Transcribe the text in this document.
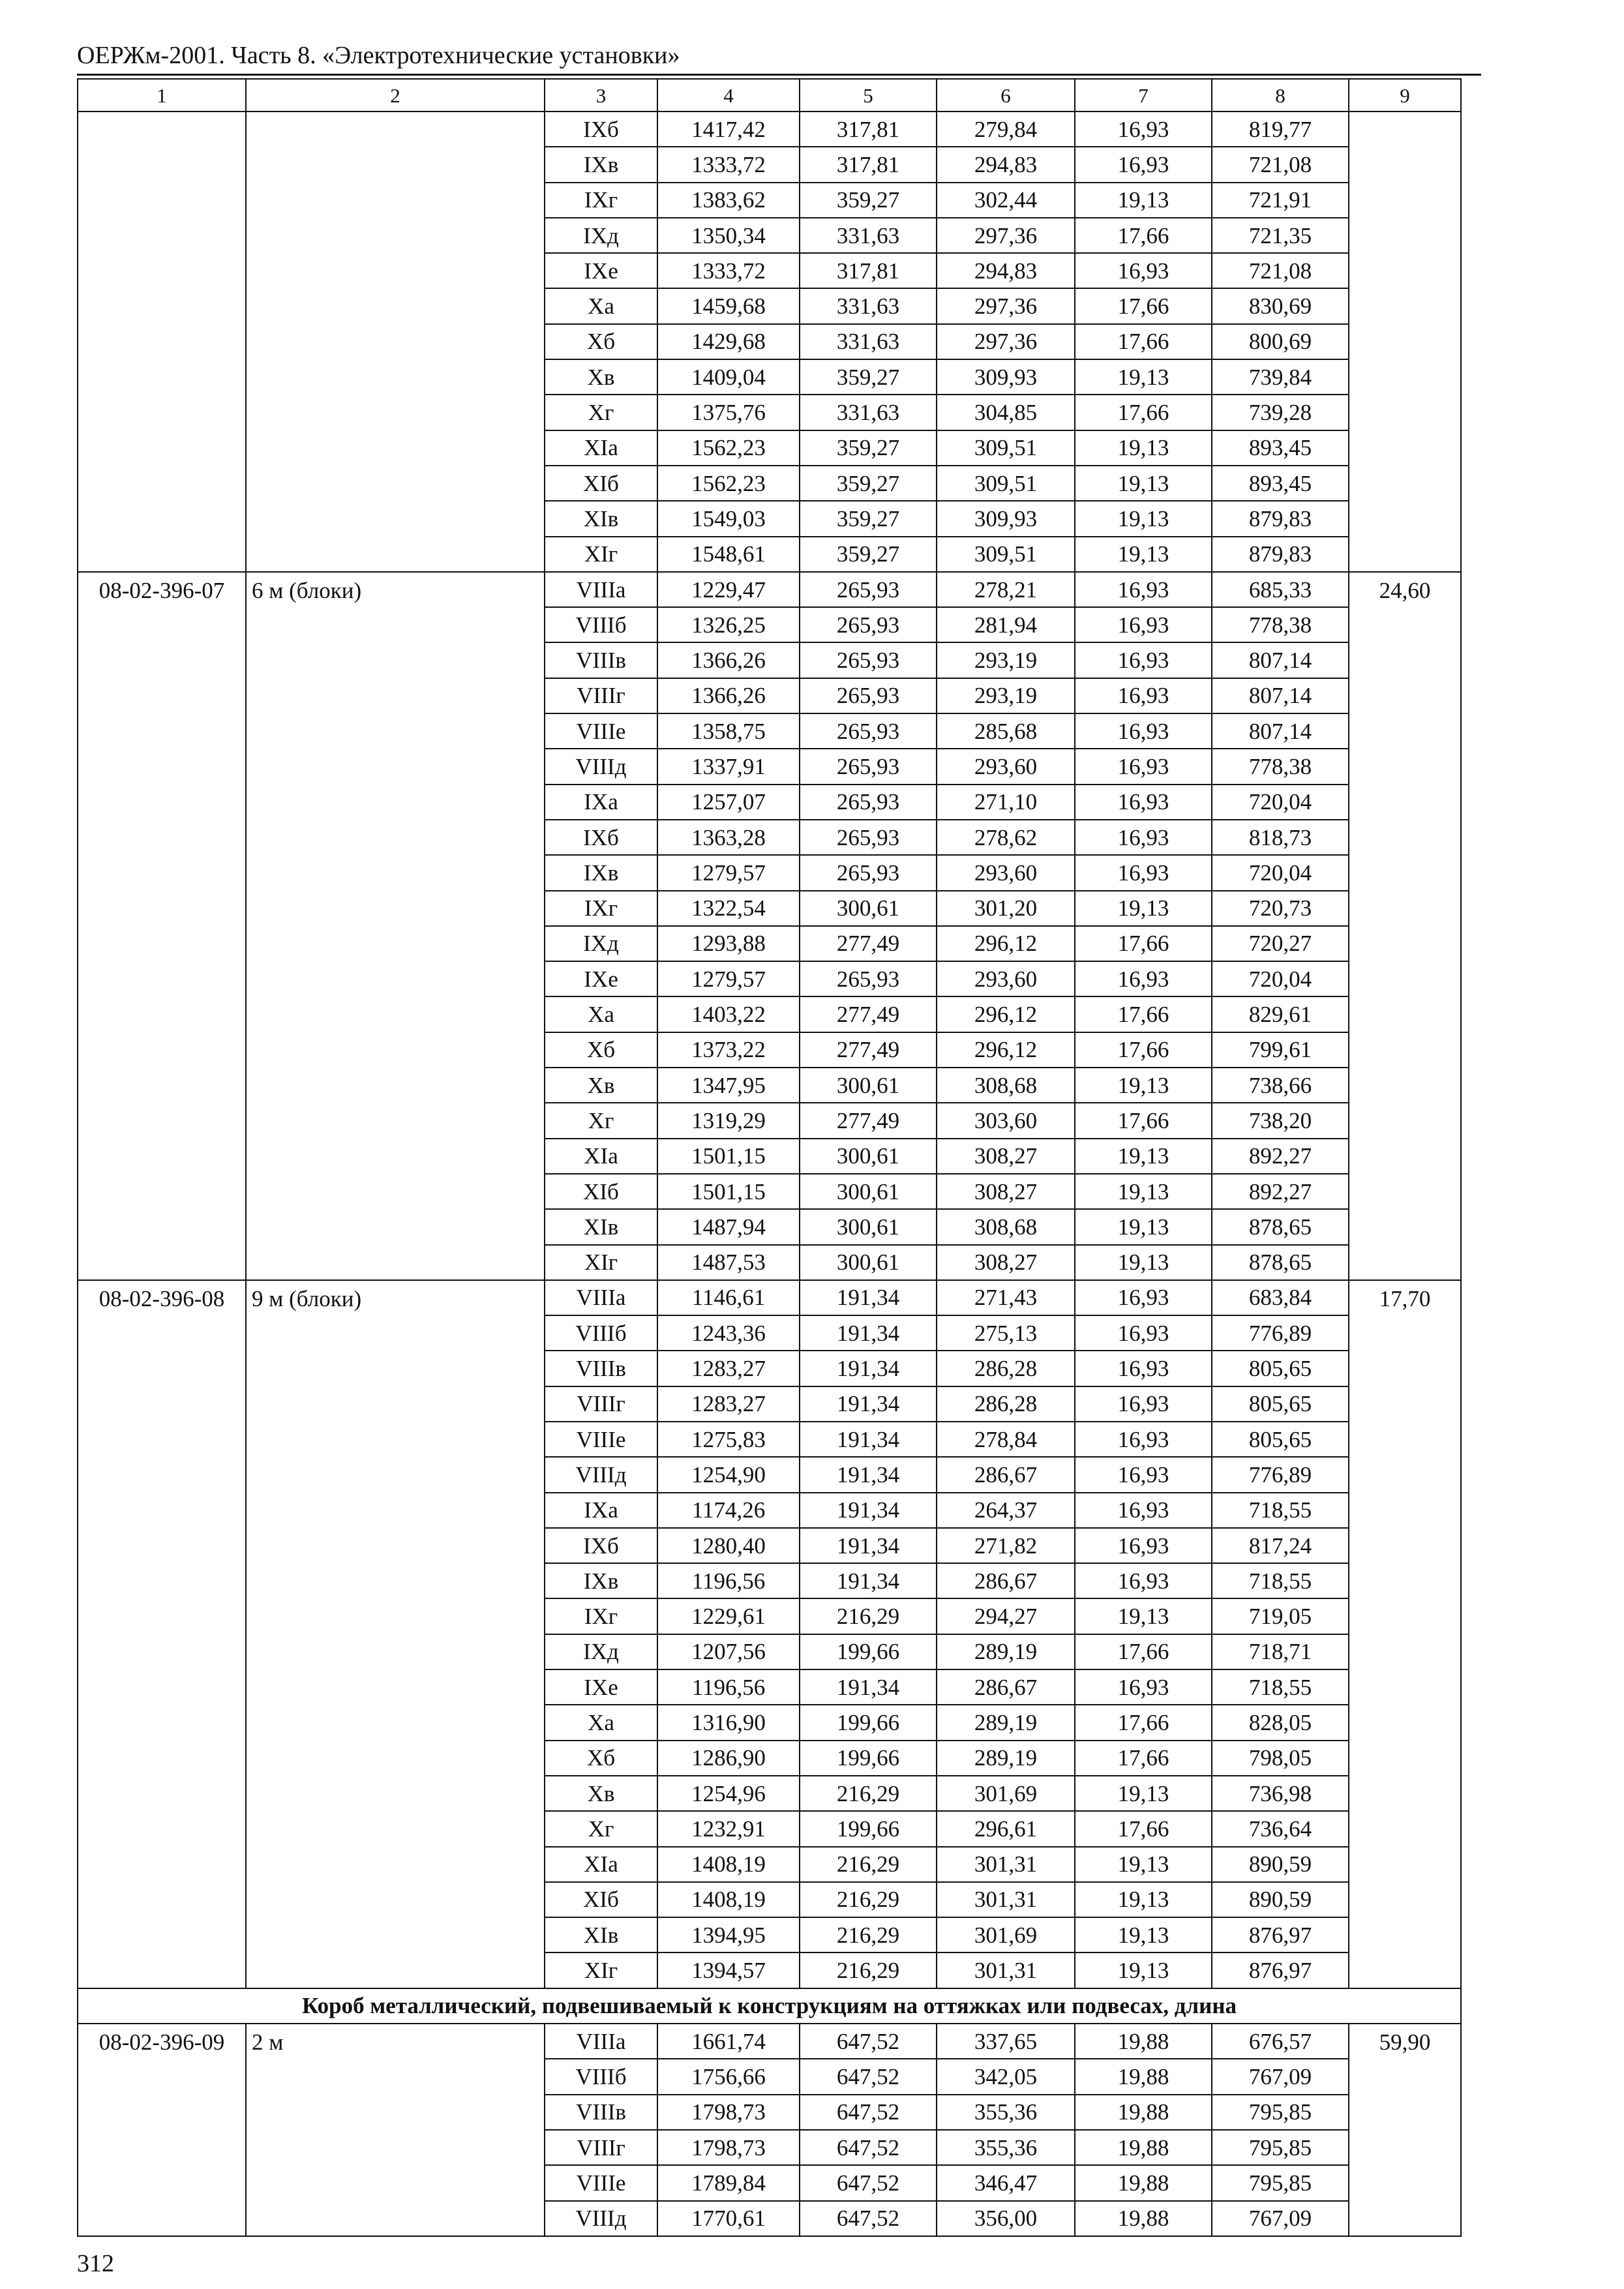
ОЕРЖм-2001. Часть 8. «Электротехнические установки»
1	2	3	4	5	6	7	8	9
		IXб	1417,42	317,81	279,84	16,93	819,77	
		IXв	1333,72	317,81	294,83	16,93	721,08	
		IXг	1383,62	359,27	302,44	19,13	721,91	
		IXд	1350,34	331,63	297,36	17,66	721,35	
		IXе	1333,72	317,81	294,83	16,93	721,08	
		Xа	1459,68	331,63	297,36	17,66	830,69	
		Xб	1429,68	331,63	297,36	17,66	800,69	
		Xв	1409,04	359,27	309,93	19,13	739,84	
		Xг	1375,76	331,63	304,85	17,66	739,28	
		XIа	1562,23	359,27	309,51	19,13	893,45	
		XIб	1562,23	359,27	309,51	19,13	893,45	
		XIв	1549,03	359,27	309,93	19,13	879,83	
		XIг	1548,61	359,27	309,51	19,13	879,83	
08-02-396-07	6 м (блоки)	VIIIа	1229,47	265,93	278,21	16,93	685,33	24,60
		VIIIб	1326,25	265,93	281,94	16,93	778,38	
		VIIIв	1366,26	265,93	293,19	16,93	807,14	
		VIIIг	1366,26	265,93	293,19	16,93	807,14	
		VIIIе	1358,75	265,93	285,68	16,93	807,14	
		VIIIд	1337,91	265,93	293,60	16,93	778,38	
		IXа	1257,07	265,93	271,10	16,93	720,04	
		IXб	1363,28	265,93	278,62	16,93	818,73	
		IXв	1279,57	265,93	293,60	16,93	720,04	
		IXг	1322,54	300,61	301,20	19,13	720,73	
		IXд	1293,88	277,49	296,12	17,66	720,27	
		IXе	1279,57	265,93	293,60	16,93	720,04	
		Xа	1403,22	277,49	296,12	17,66	829,61	
		Xб	1373,22	277,49	296,12	17,66	799,61	
		Xв	1347,95	300,61	308,68	19,13	738,66	
		Xг	1319,29	277,49	303,60	17,66	738,20	
		XIа	1501,15	300,61	308,27	19,13	892,27	
		XIб	1501,15	300,61	308,27	19,13	892,27	
		XIв	1487,94	300,61	308,68	19,13	878,65	
		XIг	1487,53	300,61	308,27	19,13	878,65	
08-02-396-08	9 м (блоки)	VIIIа	1146,61	191,34	271,43	16,93	683,84	17,70
		VIIIб	1243,36	191,34	275,13	16,93	776,89	
		VIIIв	1283,27	191,34	286,28	16,93	805,65	
		VIIIг	1283,27	191,34	286,28	16,93	805,65	
		VIIIе	1275,83	191,34	278,84	16,93	805,65	
		VIIIд	1254,90	191,34	286,67	16,93	776,89	
		IXа	1174,26	191,34	264,37	16,93	718,55	
		IXб	1280,40	191,34	271,82	16,93	817,24	
		IXв	1196,56	191,34	286,67	16,93	718,55	
		IXг	1229,61	216,29	294,27	19,13	719,05	
		IXд	1207,56	199,66	289,19	17,66	718,71	
		IXе	1196,56	191,34	286,67	16,93	718,55	
		Xа	1316,90	199,66	289,19	17,66	828,05	
		Xб	1286,90	199,66	289,19	17,66	798,05	
		Xв	1254,96	216,29	301,69	19,13	736,98	
		Xг	1232,91	199,66	296,61	17,66	736,64	
		XIа	1408,19	216,29	301,31	19,13	890,59	
		XIб	1408,19	216,29	301,31	19,13	890,59	
		XIв	1394,95	216,29	301,69	19,13	876,97	
		XIг	1394,57	216,29	301,31	19,13	876,97	
Короб металлический, подвешиваемый к конструкциям на оттяжках или подвесах, длина								
08-02-396-09	2 м	VIIIа	1661,74	647,52	337,65	19,88	676,57	59,90
		VIIIб	1756,66	647,52	342,05	19,88	767,09	
		VIIIв	1798,73	647,52	355,36	19,88	795,85	
		VIIIг	1798,73	647,52	355,36	19,88	795,85	
		VIIIе	1789,84	647,52	346,47	19,88	795,85	
		VIIIд	1770,61	647,52	356,00	19,88	767,09	
312
